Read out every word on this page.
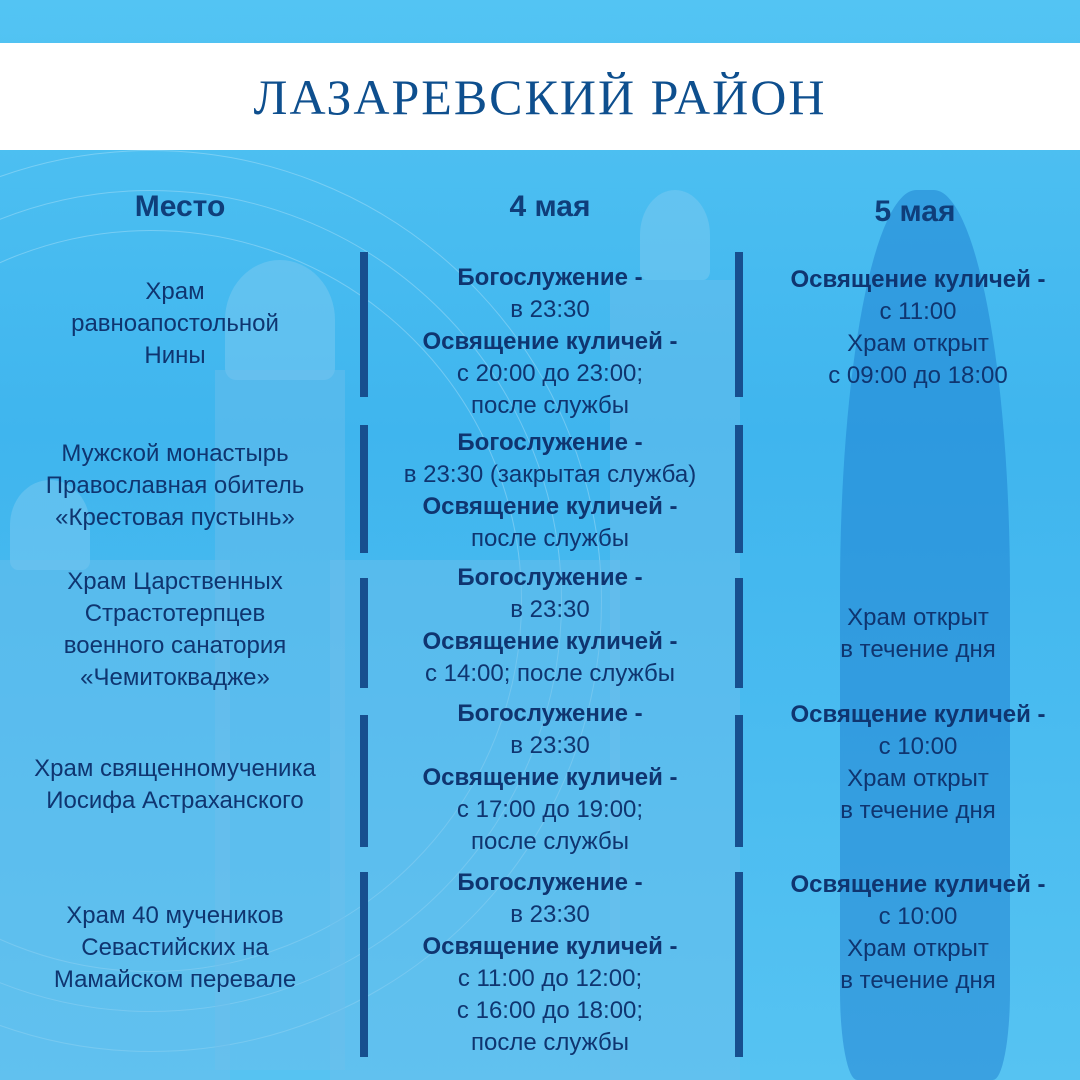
ЛАЗАРЕВСКИЙ РАЙОН
Место	4 мая	5 мая
Храм
равноапостольной
Нины
Богослужение -
в 23:30
Освящение куличей -
с 20:00 до 23:00;
после службы
Освящение куличей -
с 11:00
Храм открыт
с 09:00 до 18:00
Мужской монастырь
Православная обитель
«Крестовая пустынь»
Богослужение -
в 23:30 (закрытая служба)
Освящение куличей -
после службы
Храм Царственных
Страстотерпцев
военного санатория
«Чемитоквадже»
Богослужение -
в 23:30
Освящение куличей -
с 14:00; после службы
Храм открыт
в течение дня
Храм священномученика
Иосифа Астраханского
Богослужение -
в 23:30
Освящение куличей -
с 17:00 до 19:00;
после службы
Освящение куличей -
с 10:00
Храм открыт
в течение дня
Храм 40 мучеников
Севастийских на
Мамайском перевале
Богослужение -
в 23:30
Освящение куличей -
с 11:00 до 12:00;
с 16:00 до 18:00;
после службы
Освящение куличей -
с 10:00
Храм открыт
в течение дня
